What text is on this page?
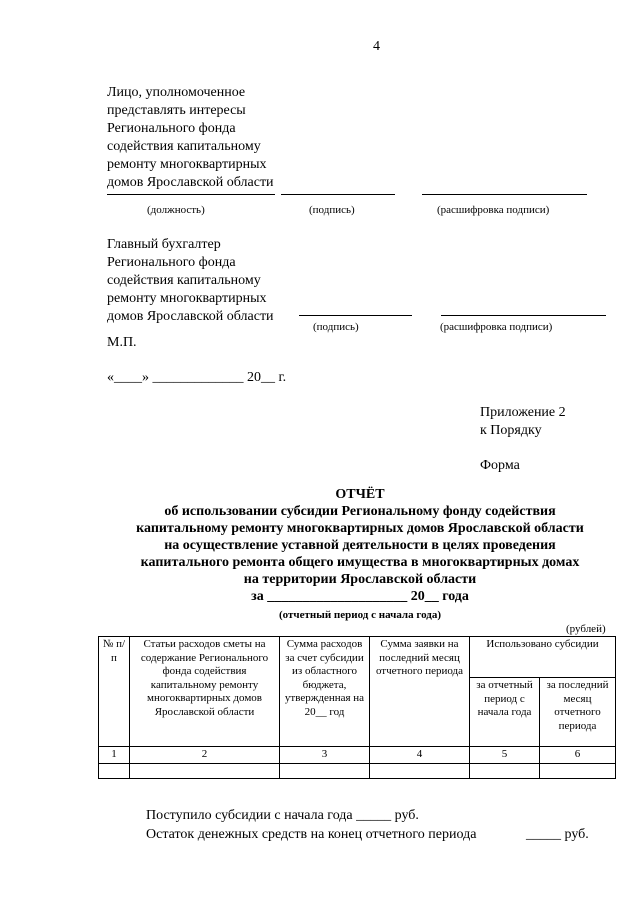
4
Лицо, уполномоченное
представлять интересы
Регионального фонда
содействия капитальному
ремонту многоквартирных
домов Ярославской области
(должность)	(подпись)	(расшифровка подписи)
Главный бухгалтер
Регионального фонда
содействия капитальному
ремонту многоквартирных
домов Ярославской области
(подпись)	(расшифровка подписи)
М.П.
«____» _____________ 20__ г.
Приложение 2
к Порядку
Форма
ОТЧЁТ
об использовании субсидии Региональному фонду содействия
капитальному ремонту многоквартирных домов Ярославской области
на осуществление уставной деятельности в целях проведения
капитального ремонта общего имущества в многоквартирных домах
на территории Ярославской области
за ____________________ 20__ года
(отчетный период с начала года)
(рублей)
№ п/п	Статьи расходов сметы на содержание Регионального фонда содействия капитальному ремонту многоквартирных домов Ярославской области	Сумма расходов за счет субсидии из областного бюджета, утвержденная на 20__ год	Сумма заявки на последний месяц отчетного периода	Использовано субсидии	
				за отчетный период с начала года	за последний месяц отчетного периода
1	2	3	4	5	6

Поступило субсидии с начала года _____ руб.
Остаток денежных средств на конец отчетного периода	_____ руб.
